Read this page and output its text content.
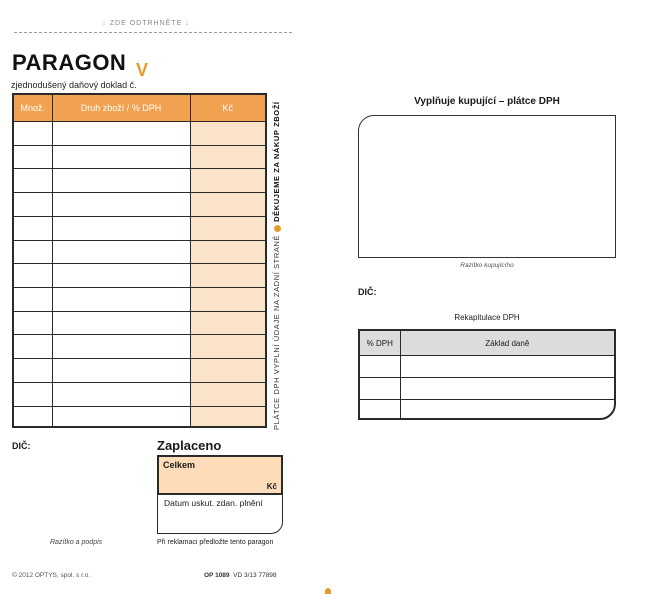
↓ ZDE ODTRHNĚTE ↓
PARAGON V
zjednodušený daňový doklad č.
Množ.	Druh zboží / % DPH	Kč

PLÁTCE DPH VYPLNÍ ÚDAJE NA ZADNÍ STRANĚDĚKUJEME ZA NÁKUP ZBOŽÍ
DIČ:	Zaplaceno
Celkem
Kč
Datum uskut. zdan. plnění
Razítko a podpis	Při reklamaci předložte tento paragon
© 2012 OPTYS, spol. s r.o.	OP 1089 VD 3/13 77898
Vyplňuje kupující – plátce DPH
Razítko kupujícího
DIČ:
Rekapitulace DPH
% DPH	Základ daně
